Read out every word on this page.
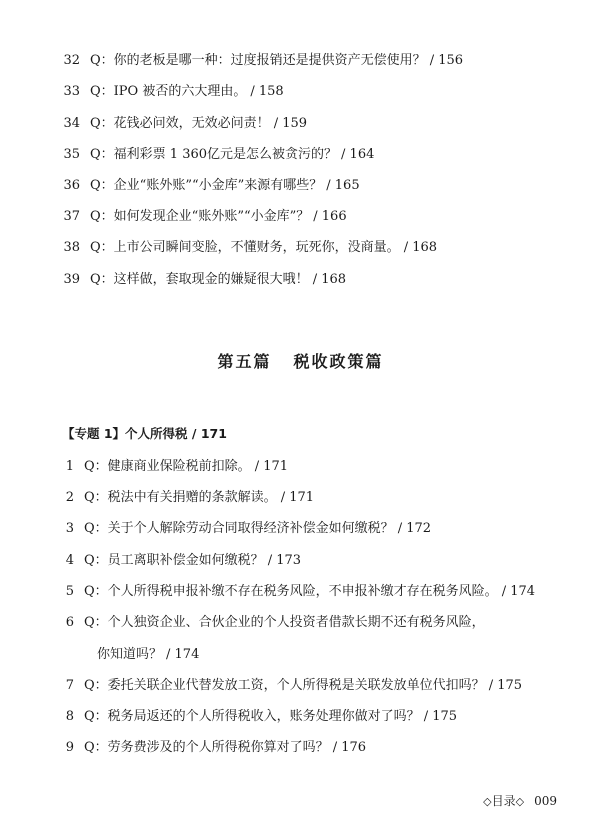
32 Q：你的老板是哪一种：过度报销还是提供资产无偿使用？ / 156
33 Q：IPO 被否的六大理由。 / 158
34 Q：花钱必问效，无效必问责！ / 159
35 Q：福利彩票 1 360亿元是怎么被贪污的？ / 164
36 Q：企业“账外账”“小金库”来源有哪些？ / 165
37 Q：如何发现企业“账外账”“小金库”？ / 166
38 Q：上市公司瞬间变脸，不懂财务，玩死你，没商量。 / 168
39 Q：这样做，套取现金的嫌疑很大哦！ / 168
第五篇 税收政策篇
【专题 1】个人所得税 / 171
1 Q：健康商业保险税前扣除。 / 171
2 Q：税法中有关捐赠的条款解读。 / 171
3 Q：关于个人解除劳动合同取得经济补偿金如何缴税？ / 172
4 Q：员工离职补偿金如何缴税？ / 173
5 Q：个人所得税申报补缴不存在税务风险，不申报补缴才存在税务风险。 / 174
6 Q：个人独资企业、合伙企业的个人投资者借款长期不还有税务风险，
你知道吗？ / 174
7 Q：委托关联企业代替发放工资，个人所得税是关联发放单位代扣吗？ / 175
8 Q：税务局返还的个人所得税收入，账务处理你做对了吗？ / 175
9 Q：劳务费涉及的个人所得税你算对了吗？ / 176
◇目录◇ 009
